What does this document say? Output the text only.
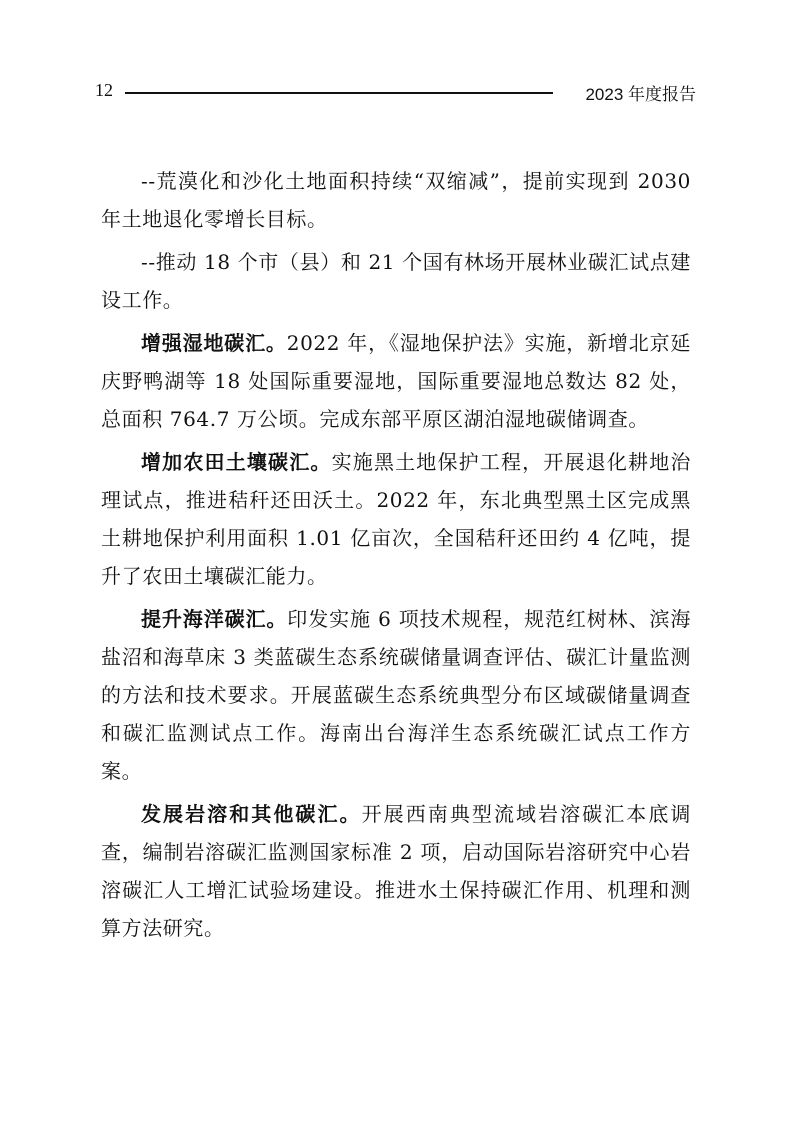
12	2023 年度报告

--荒漠化和沙化土地面积持续“双缩减”，提前实现到 2030 年土地退化零增长目标。

--推动 18 个市（县）和 21 个国有林场开展林业碳汇试点建设工作。

增强湿地碳汇。2022 年，《湿地保护法》实施，新增北京延庆野鸭湖等 18 处国际重要湿地，国际重要湿地总数达 82 处，总面积 764.7 万公顷。完成东部平原区湖泊湿地碳储调查。

增加农田土壤碳汇。实施黑土地保护工程，开展退化耕地治理试点，推进秸秆还田沃土。2022 年，东北典型黑土区完成黑土耕地保护利用面积 1.01 亿亩次，全国秸秆还田约 4 亿吨，提升了农田土壤碳汇能力。

提升海洋碳汇。印发实施 6 项技术规程，规范红树林、滨海盐沼和海草床 3 类蓝碳生态系统碳储量调查评估、碳汇计量监测的方法和技术要求。开展蓝碳生态系统典型分布区域碳储量调查和碳汇监测试点工作。海南出台海洋生态系统碳汇试点工作方案。

发展岩溶和其他碳汇。开展西南典型流域岩溶碳汇本底调查，编制岩溶碳汇监测国家标准 2 项，启动国际岩溶研究中心岩溶碳汇人工增汇试验场建设。推进水土保持碳汇作用、机理和测算方法研究。
